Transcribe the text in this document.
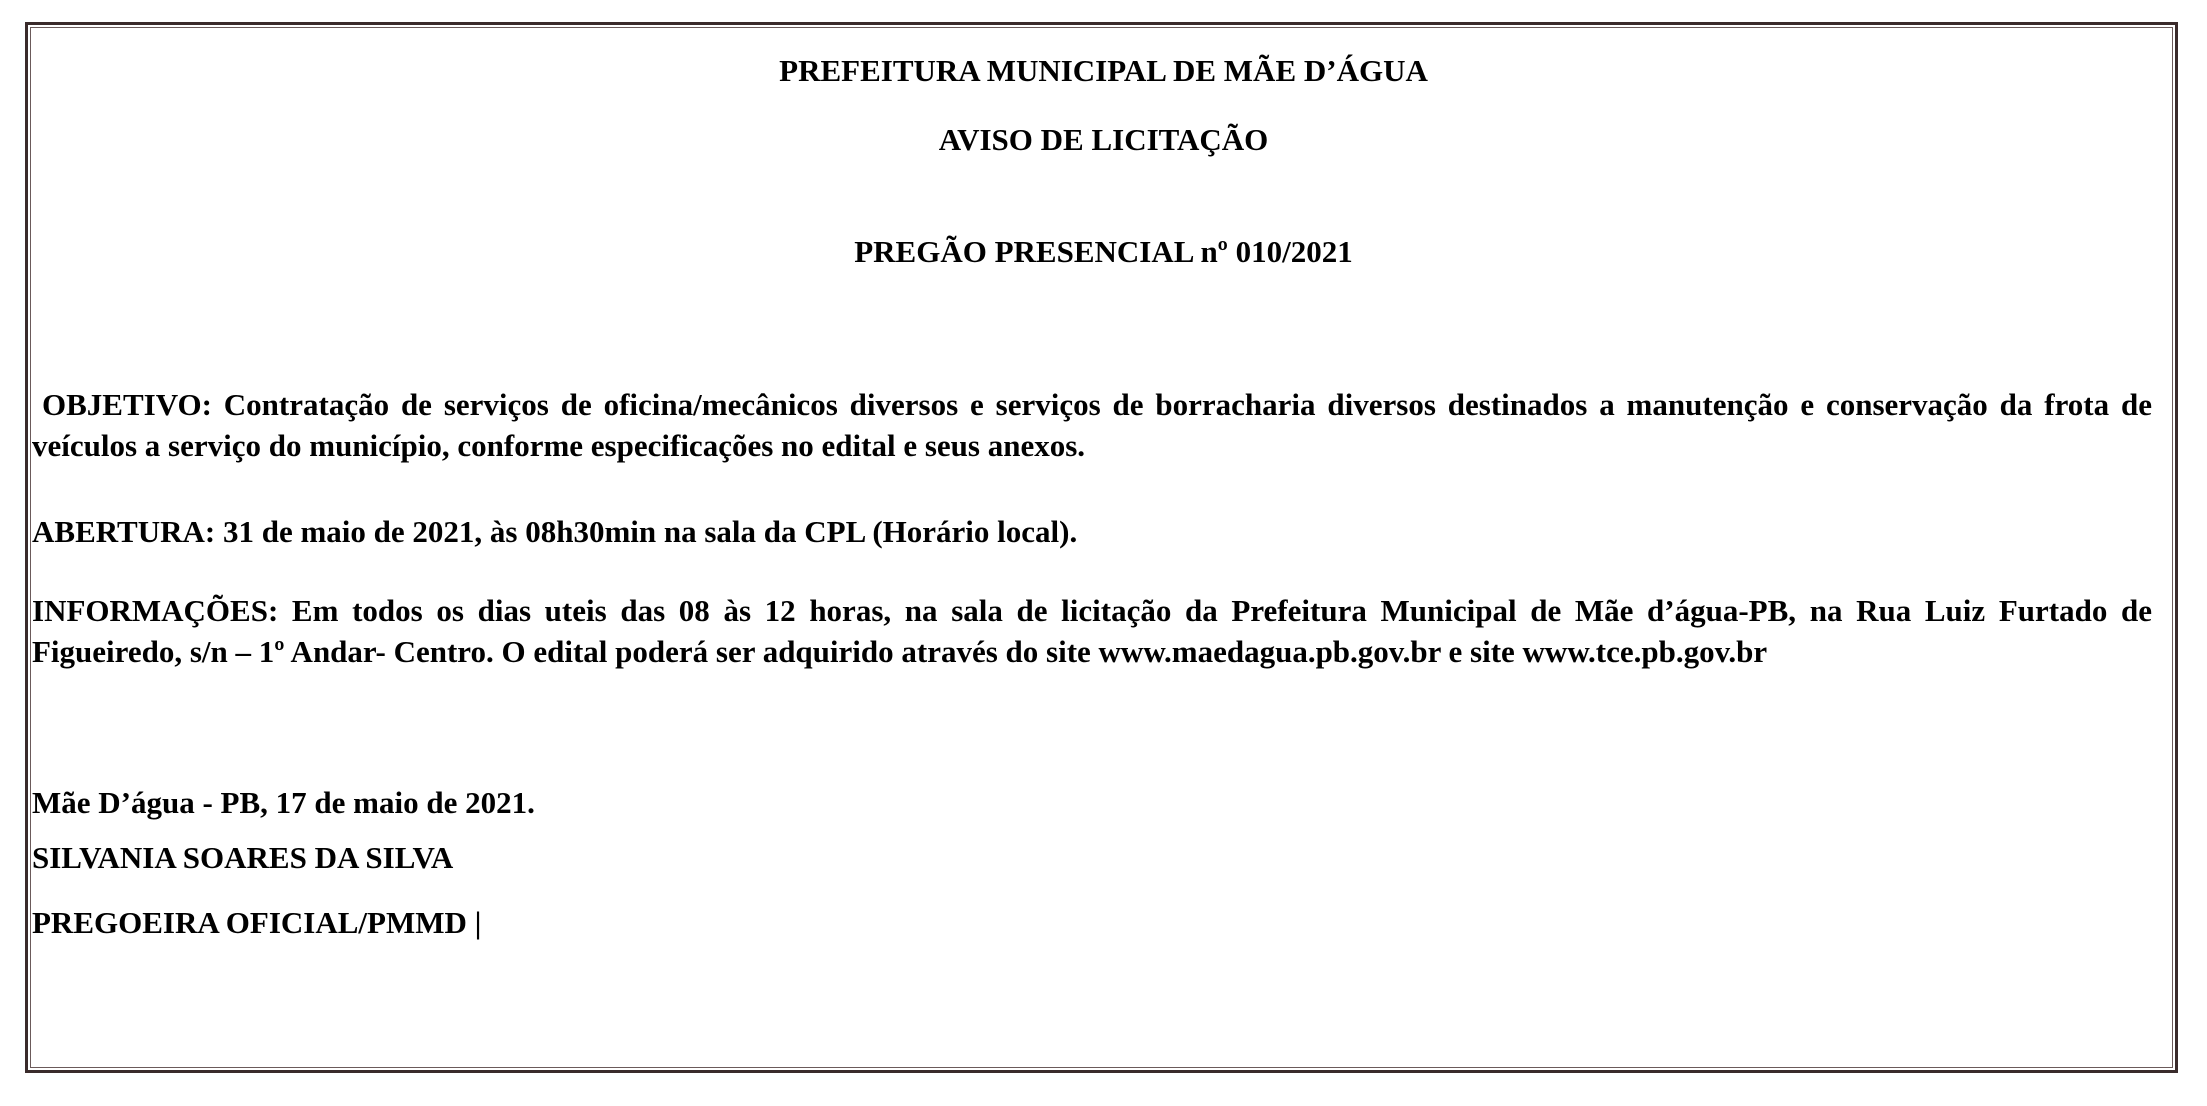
PREFEITURA MUNICIPAL DE MÃE D’ÁGUA
AVISO DE LICITAÇÃO
PREGÃO PRESENCIAL nº 010/2021
OBJETIVO: Contratação de serviços de oficina/mecânicos diversos e serviços de borracharia diversos destinados a manutenção e conservação da frota de veículos a serviço do município, conforme especificações no edital e seus anexos.
ABERTURA: 31 de maio de 2021, às 08h30min na sala da CPL (Horário local).
INFORMAÇÕES: Em todos os dias uteis das 08 às 12 horas, na sala de licitação da Prefeitura Municipal de Mãe d’água-PB, na Rua Luiz Furtado de Figueiredo, s/n – 1º Andar- Centro. O edital poderá ser adquirido através do site www.maedagua.pb.gov.br e site www.tce.pb.gov.br
Mãe D’água - PB, 17 de maio de 2021.
SILVANIA SOARES DA SILVA
PREGOEIRA OFICIAL/PMMD |
